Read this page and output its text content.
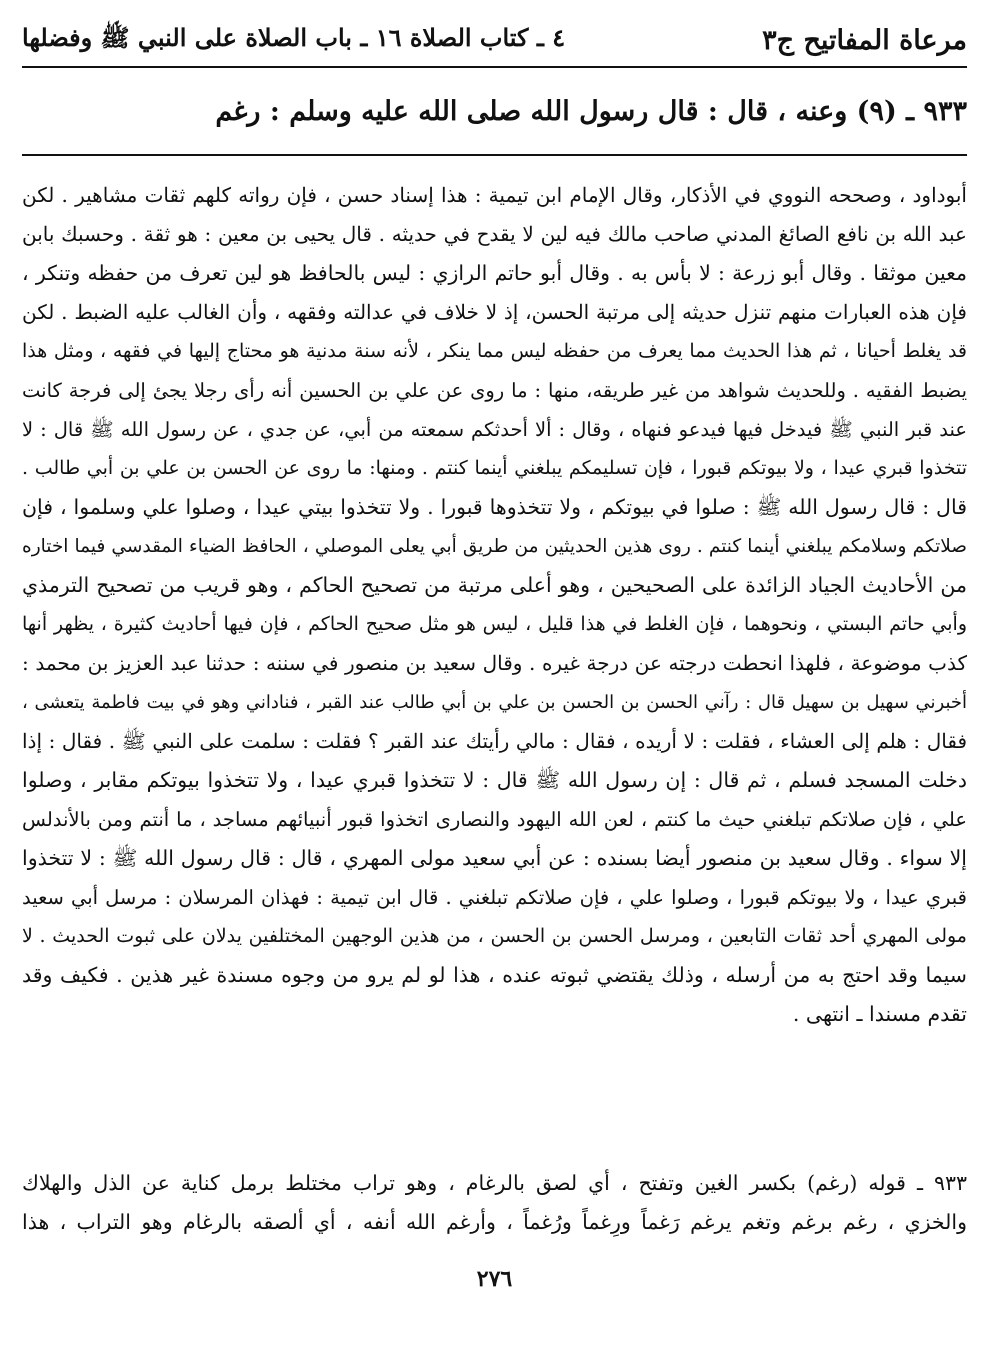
مرعاة المفاتيح ج٣
٤ ـ كتاب الصلاة ١٦ ـ باب الصلاة على النبي ﷺ وفضلها
٩٣٣ ـ (٩) وعنه ، قال : قال رسول الله صلى الله عليه وسلم : رغم
أبوداود ، وصححه النووي في الأذكار، وقال الإمام ابن تيمية : هذا إسناد حسن ، فإن رواته كلهم ثقات مشاهير . لكن
عبد الله بن نافع الصائغ المدني صاحب مالك فيه لين لا يقدح في حديثه . قال يحيى بن معين : هو ثقة . وحسبك بابن
معين موثقا . وقال أبو زرعة : لا بأس به . وقال أبو حاتم الرازي : ليس بالحافظ هو لين تعرف من حفظه وتنكر ،
فإن هذه العبارات منهم تنزل حديثه إلى مرتبة الحسن، إذ لا خلاف في عدالته وفقهه ، وأن الغالب عليه الضبط . لكن
قد يغلط أحيانا ، ثم هذا الحديث مما يعرف من حفظه ليس مما ينكر ، لأنه سنة مدنية هو محتاج إليها في فقهه ، ومثل هذا
يضبط الفقيه . وللحديث شواهد من غير طريقه، منها : ما روى عن علي بن الحسين أنه رأى رجلا يجئ إلى فرجة كانت
عند قبر النبي ﷺ فيدخل فيها فيدعو فنهاه ، وقال : ألا أحدثكم سمعته من أبي، عن جدي ، عن رسول الله ﷺ قال : لا
تتخذوا قبري عيدا ، ولا بيوتكم قبورا ، فإن تسليمكم يبلغني أينما كنتم . ومنها: ما روى عن الحسن بن علي بن أبي طالب .
قال : قال رسول الله ﷺ : صلوا في بيوتكم ، ولا تتخذوها قبورا . ولا تتخذوا بيتي عيدا ، وصلوا علي وسلموا ، فإن
صلاتكم وسلامكم يبلغني أينما كنتم . روى هذين الحديثين من طريق أبي يعلى الموصلي ، الحافظ الضياء المقدسي فيما اختاره
من الأحاديث الجياد الزائدة على الصحيحين ، وهو أعلى مرتبة من تصحيح الحاكم ، وهو قريب من تصحيح الترمذي
وأبي حاتم البستي ، ونحوهما ، فإن الغلط في هذا قليل ، ليس هو مثل صحيح الحاكم ، فإن فيها أحاديث كثيرة ، يظهر أنها
كذب موضوعة ، فلهذا انحطت درجته عن درجة غيره . وقال سعيد بن منصور في سننه : حدثنا عبد العزيز بن محمد :
أخبرني سهيل بن سهيل قال : رآني الحسن بن الحسن بن علي بن أبي طالب عند القبر ، فناداني وهو في بيت فاطمة يتعشى ،
فقال : هلم إلى العشاء ، فقلت : لا أريده ، فقال : مالي رأيتك عند القبر ؟ فقلت : سلمت على النبي ﷺ . فقال : إذا
دخلت المسجد فسلم ، ثم قال : إن رسول الله ﷺ قال : لا تتخذوا قبري عيدا ، ولا تتخذوا بيوتكم مقابر ، وصلوا
علي ، فإن صلاتكم تبلغني حيث ما كنتم ، لعن الله اليهود والنصارى اتخذوا قبور أنبيائهم مساجد ، ما أنتم ومن بالأندلس
إلا سواء . وقال سعيد بن منصور أيضا بسنده : عن أبي سعيد مولى المهري ، قال : قال رسول الله ﷺ : لا تتخذوا
قبري عيدا ، ولا بيوتكم قبورا ، وصلوا علي ، فإن صلاتكم تبلغني . قال ابن تيمية : فهذان المرسلان : مرسل أبي سعيد
مولى المهري أحد ثقات التابعين ، ومرسل الحسن بن الحسن ، من هذين الوجهين المختلفين يدلان على ثبوت الحديث . لا
سيما وقد احتج به من أرسله ، وذلك يقتضي ثبوته عنده ، هذا لو لم يرو من وجوه مسندة غير هذين . فكيف وقد
تقدم مسندا ـ انتهى .
٩٣٣ ـ قوله (رغم) بكسر الغين وتفتح ، أي لصق بالرغام ، وهو تراب مختلط برمل كناية عن الذل والهلاك
والخزي ، رغم برغم وتغم يرغم رَغماً ورِغماً ورُغماً ، وأرغم الله أنفه ، أي ألصقه بالرغام وهو التراب ، هذا
٢٧٦
